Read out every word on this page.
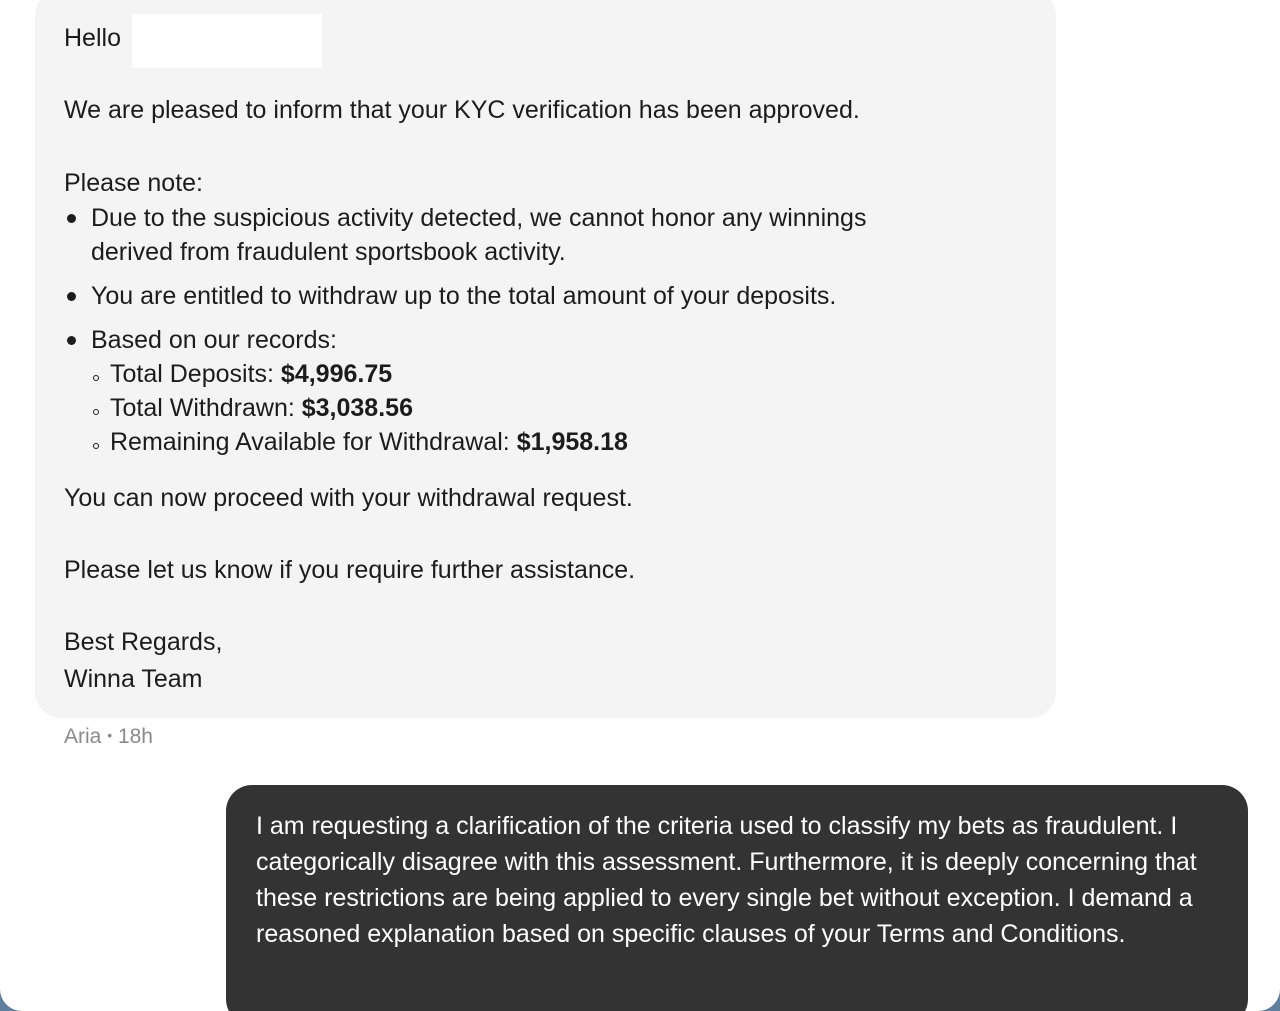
Hello
We are pleased to inform that your KYC verification has been approved.
Please note:
Due to the suspicious activity detected, we cannot honor any winnings
derived from fraudulent sportsbook activity.
You are entitled to withdraw up to the total amount of your deposits.
Based on our records:
Total Deposits: $4,996.75
Total Withdrawn: $3,038.56
Remaining Available for Withdrawal: $1,958.18
You can now proceed with your withdrawal request.
Please let us know if you require further assistance.
Best Regards,
Winna Team
Aria • 18h

I am requesting a clarification of the criteria used to classify my bets as fraudulent. I categorically disagree with this assessment. Furthermore, it is deeply concerning that these restrictions are being applied to every single bet without exception. I demand a reasoned explanation based on specific clauses of your Terms and Conditions.
